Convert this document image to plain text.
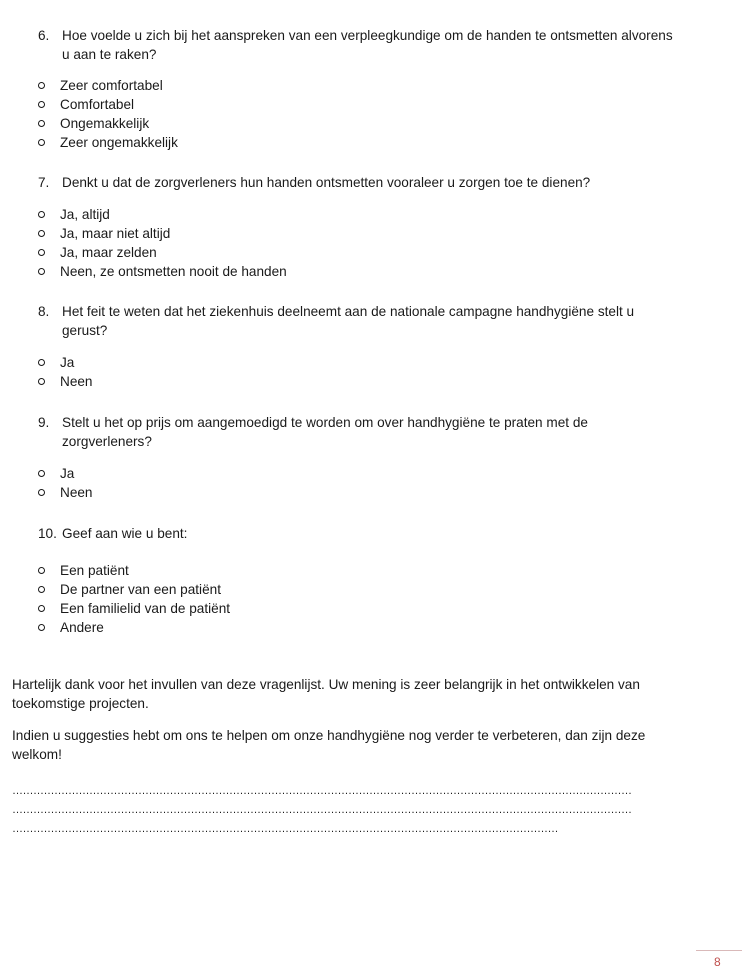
6. Hoe voelde u zich bij het aanspreken van een verpleegkundige om de handen te ontsmetten alvorens u aan te raken?
Zeer comfortabel
Comfortabel
Ongemakkelijk
Zeer ongemakkelijk
7. Denkt u dat de zorgverleners hun handen ontsmetten vooraleer u zorgen toe te dienen?
Ja, altijd
Ja, maar niet altijd
Ja, maar zelden
Neen, ze ontsmetten nooit de handen
8. Het feit te weten dat het ziekenhuis deelneemt aan de nationale campagne handhygiëne stelt u gerust?
Ja
Neen
9. Stelt u het op prijs om aangemoedigd te worden om over handhygiëne te praten met de zorgverleners?
Ja
Neen
10. Geef aan wie u bent:
Een patiënt
De partner van een patiënt
Een familielid van de patiënt
Andere

Hartelijk dank voor het invullen van deze vragenlijst. Uw mening is zeer belangrijk in het ontwikkelen van toekomstige projecten.

Indien u suggesties hebt om ons te helpen om onze handhygiëne nog verder te verbeteren, dan zijn deze welkom!

……………………………………………………………………………………………………………………………………………………………
……………………………………………………………………………………………………………………………………………………………
…………………………………………………………………………………………………………………………………………
8
